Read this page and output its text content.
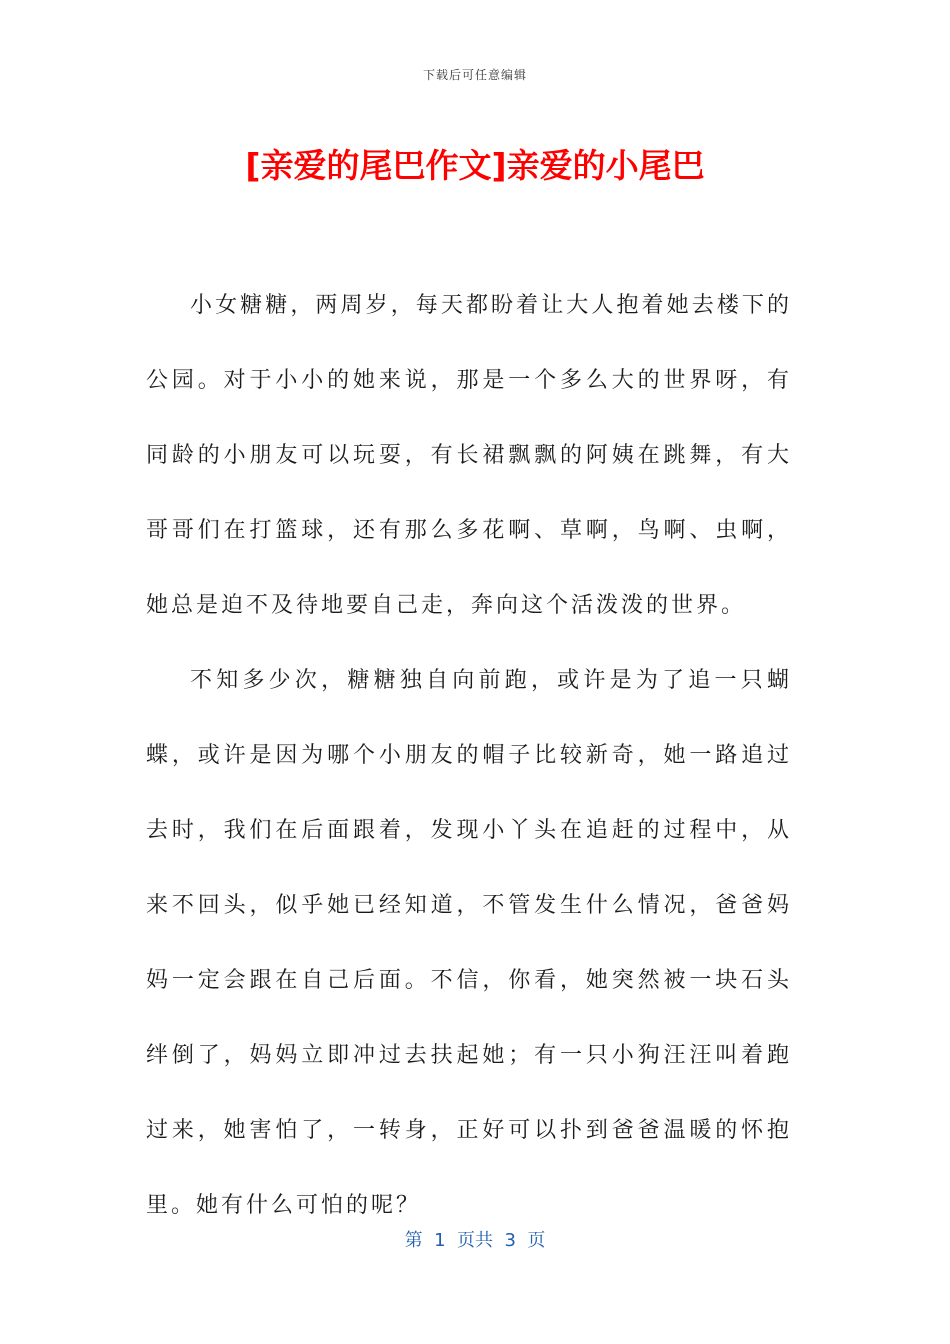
下载后可任意编辑
[亲爱的尾巴作文]亲爱的小尾巴

小女糖糖，两周岁，每天都盼着让大人抱着她去楼下的公园。对于小小的她来说，那是一个多么大的世界呀，有同龄的小朋友可以玩耍，有长裙飘飘的阿姨在跳舞，有大哥哥们在打篮球，还有那么多花啊、草啊，鸟啊、虫啊，她总是迫不及待地要自己走，奔向这个活泼泼的世界。

不知多少次，糖糖独自向前跑，或许是为了追一只蝴蝶，或许是因为哪个小朋友的帽子比较新奇，她一路追过去时，我们在后面跟着，发现小丫头在追赶的过程中，从来不回头，似乎她已经知道，不管发生什么情况，爸爸妈妈一定会跟在自己后面。不信，你看，她突然被一块石头绊倒了，妈妈立即冲过去扶起她；有一只小狗汪汪叫着跑过来，她害怕了，一转身，正好可以扑到爸爸温暖的怀抱里。她有什么可怕的呢？

第  1  页共  3  页
